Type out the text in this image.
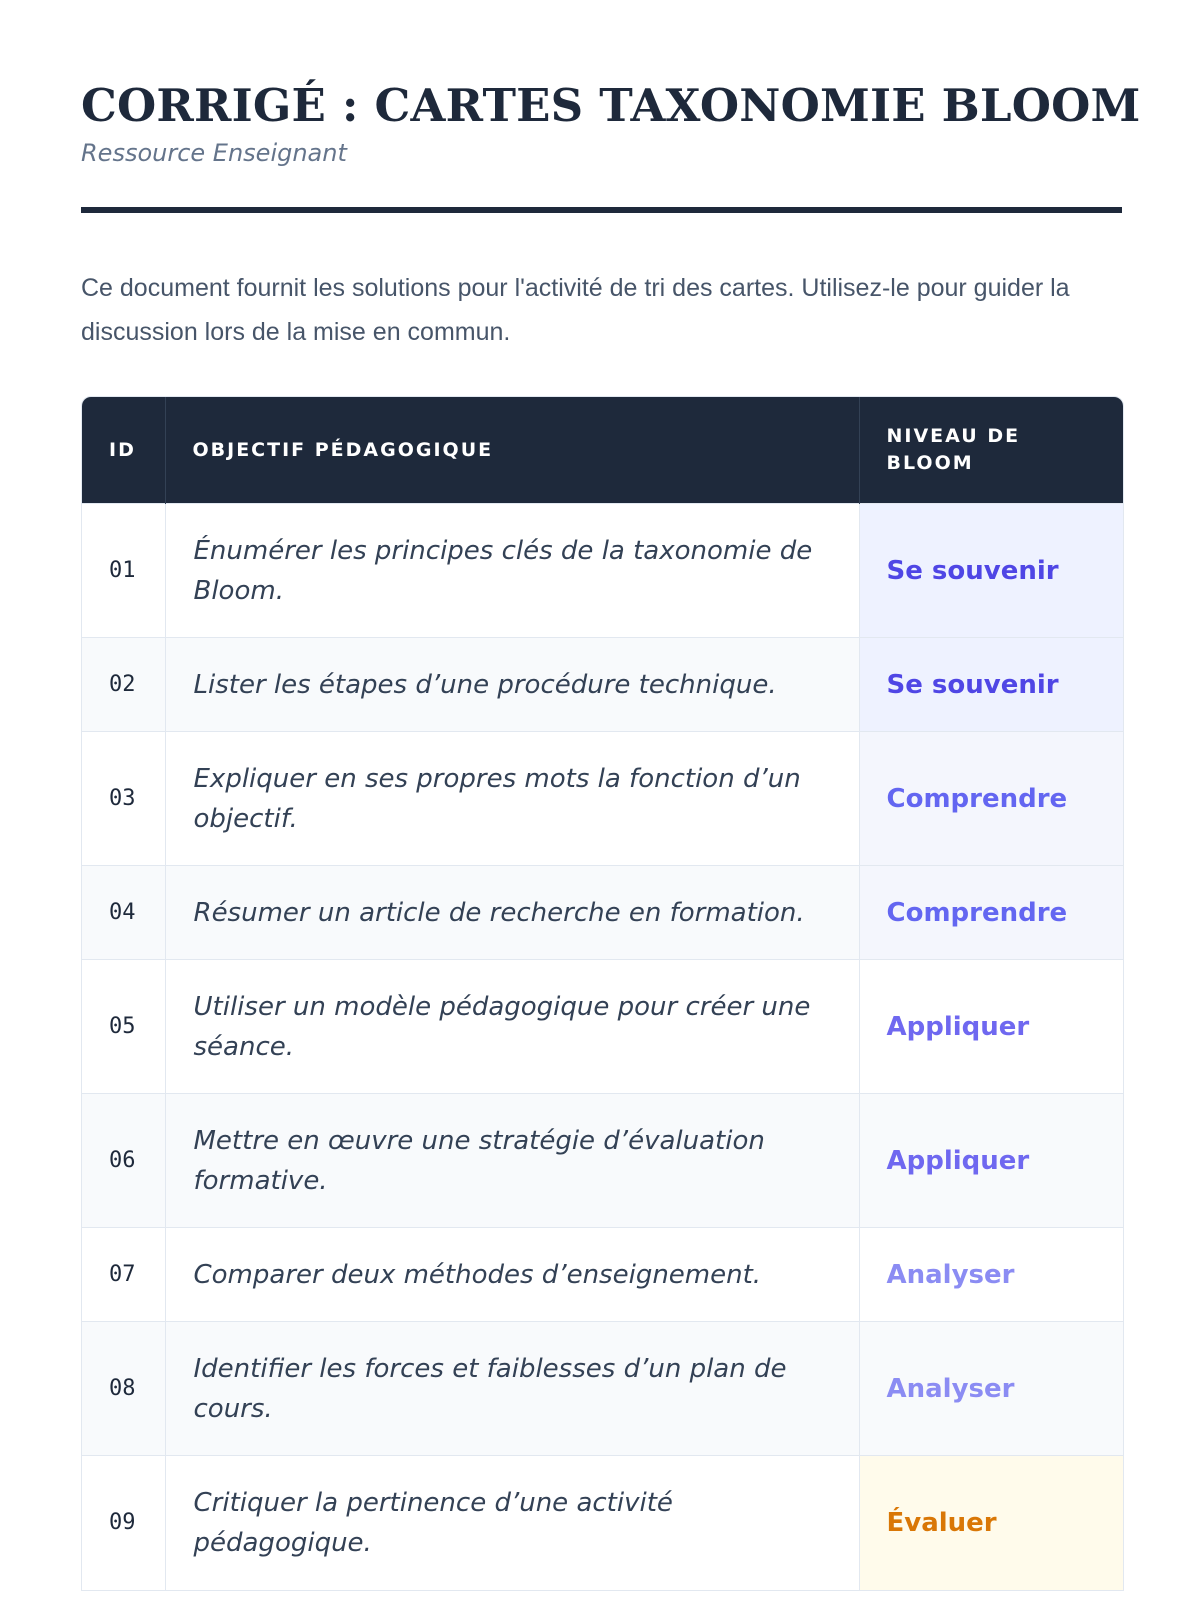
CORRIGÉ : CARTES TAXONOMIE BLOOM
Ressource Enseignant

Ce document fournit les solutions pour l'activité de tri des cartes. Utilisez-le pour guider la discussion lors de la mise en commun.

ID	OBJECTIF PÉDAGOGIQUE	NIVEAU DE BLOOM

01	Énumérer les principes clés de la taxonomie de Bloom.	Se souvenir
02	Lister les étapes d’une procédure technique.	Se souvenir
03	Expliquer en ses propres mots la fonction d’un objectif.	Comprendre
04	Résumer un article de recherche en formation.	Comprendre
05	Utiliser un modèle pédagogique pour créer une séance.	Appliquer
06	Mettre en œuvre une stratégie d’évaluation formative.	Appliquer
07	Comparer deux méthodes d’enseignement.	Analyser
08	Identifier les forces et faiblesses d’un plan de cours.	Analyser
09	Critiquer la pertinence d’une activité pédagogique.	Évaluer
